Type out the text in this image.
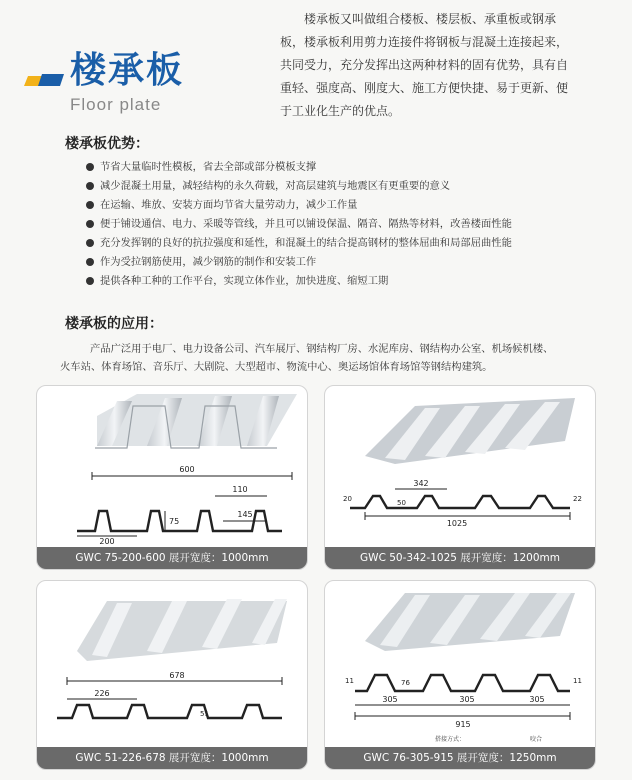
楼承板
Floor plate
楼承板又叫做组合楼板、楼层板、承重板或钢承
板，楼承板利用剪力连接件将钢板与混凝土连接起来，
共同受力，充分发挥出这两种材料的固有优势，具有自
重轻、强度高、刚度大、施工方便快捷、易于更新、便
于工业化生产的优点。
楼承板优势：
节省大量临时性模板，省去全部或部分模板支撑
减少混凝土用量，减轻结构的永久荷载，对高层建筑与地震区有更重要的意义
在运输、堆放、安装方面均节省大量劳动力，减少工作量
便于铺设通信、电力、采暖等管线，并且可以铺设保温、隔音、隔热等材料，改善楼面性能
充分发挥钢的良好的抗拉强度和延性，和混凝土的结合提高钢材的整体屈曲和局部屈曲性能
作为受拉钢筋使用，减少钢筋的制作和安装工作
提供各种工种的工作平台，实现立体作业，加快进度、缩短工期
楼承板的应用：
产品广泛用于电厂、电力设备公司、汽车展厅、钢结构厂房、水泥库房、钢结构办公室、机场候机楼、
火车站、体育场馆、音乐厅、大剧院、大型超市、物流中心、奥运场馆体育场馆等钢结构建筑。
600
110
200
75
145
GWC 75-200-600 展开宽度：1000mm
342
1025
50
20	22
GWC 50-342-1025 展开宽度：1200mm
226
678
51
GWC 51-226-678 展开宽度：1000mm
305	305	305
915
76
11	11
搭接方式：	咬合
GWC 76-305-915 展开宽度：1250mm
